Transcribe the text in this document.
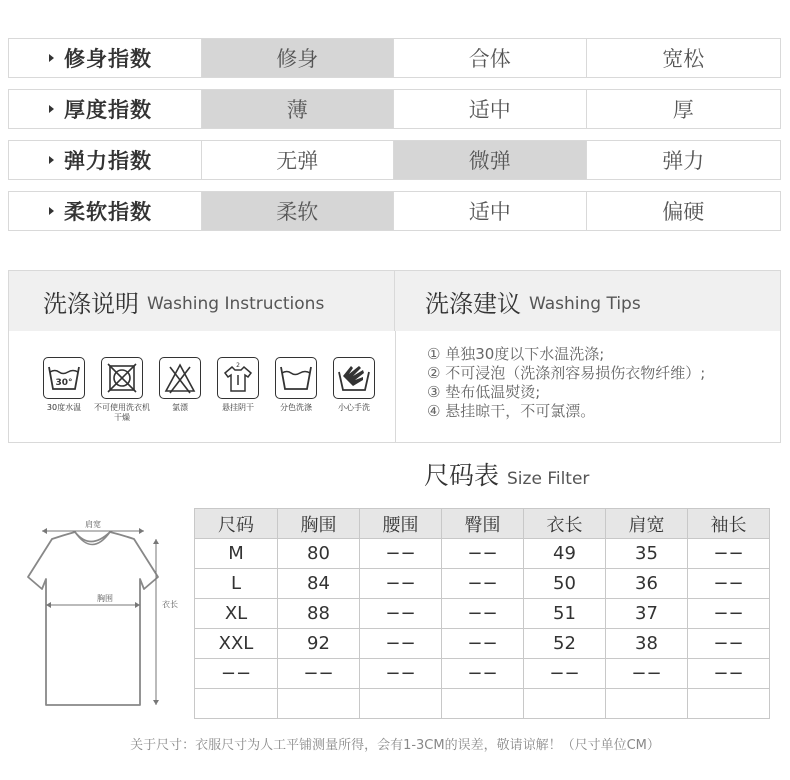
修身指数	修身	合体	宽松
厚度指数	薄	适中	厚
弹力指数	无弹	微弹	弹力
柔软指数	柔软	适中	偏硬
洗涤说明 Washing Instructions	洗涤建议 Washing Tips
30°
30度水温	不可使用洗衣机干燥
氯漂
2
悬挂阴干	分色洗涤	小心手洗
① 单独30度以下水温洗涤;
② 不可浸泡（洗涤剂容易损伤衣物纤维）;
③ 垫布低温熨烫;
④ 悬挂晾干，不可氯漂。
尺码表 Size Filter
肩宽
胸围
衣长
尺码	胸围	腰围	臀围	衣长	肩宽	袖长
M	80	−−	−−	49	35	−−
L	84	−−	−−	50	36	−−
XL	88	−−	−−	51	37	−−
XXL	92	−−	−−	52	38	−−
−−	−−	−−	−−	−−	−−	−−

关于尺寸：衣服尺寸为人工平铺测量所得，会有1-3CM的误差，敬请谅解！（尺寸单位CM）
